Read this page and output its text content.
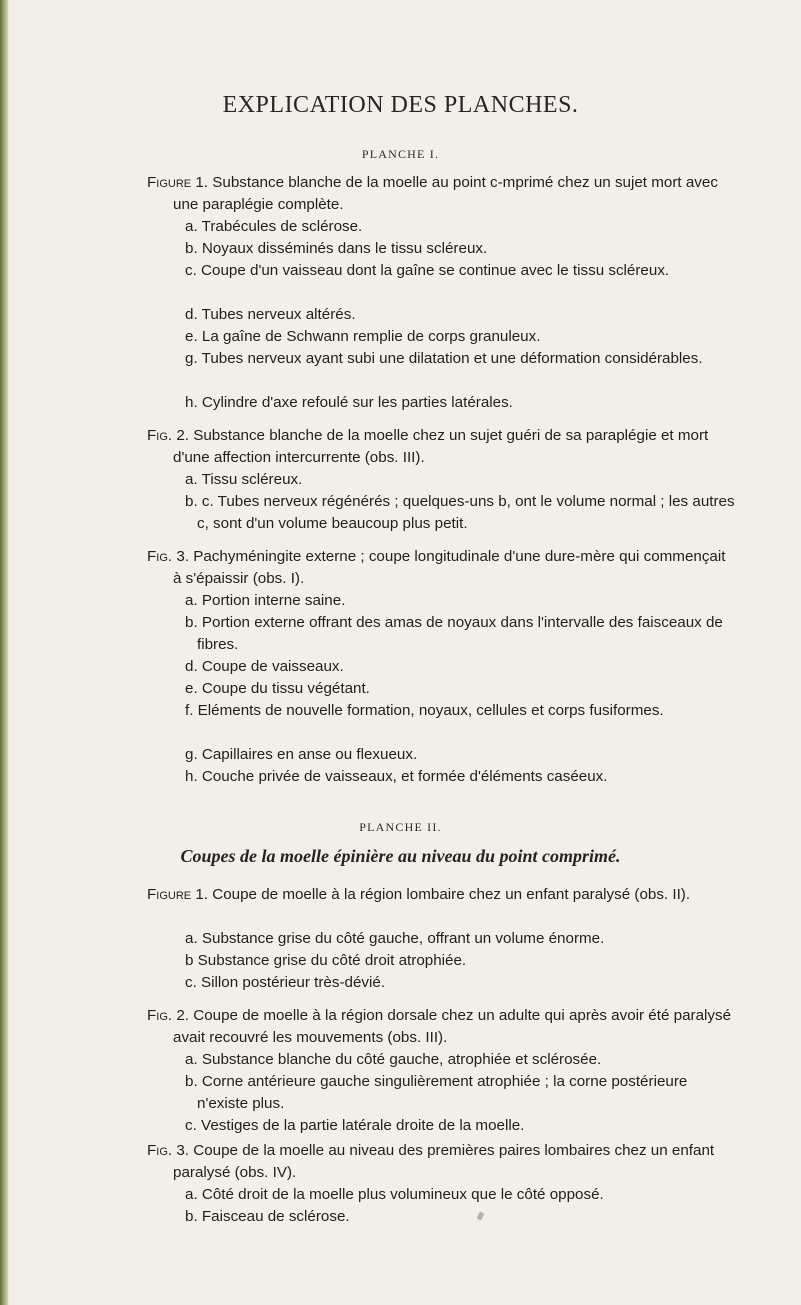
EXPLICATION DES PLANCHES.
PLANCHE I.
Figure 1. Substance blanche de la moelle au point c-mprimé chez un sujet mort avec une paraplégie complète.
a. Trabécules de sclérose.
b. Noyaux disséminés dans le tissu scléreux.
c. Coupe d'un vaisseau dont la gaîne se continue avec le tissu scléreux.
d. Tubes nerveux altérés.
e. La gaîne de Schwann remplie de corps granuleux.
g. Tubes nerveux ayant subi une dilatation et une déformation considérables.
h. Cylindre d'axe refoulé sur les parties latérales.
Fig. 2. Substance blanche de la moelle chez un sujet guéri de sa paraplégie et mort d'une affection intercurrente (obs. III).
a. Tissu scléreux.
b. c. Tubes nerveux régénérés ; quelques-uns b, ont le volume normal ; les autres c, sont d'un volume beaucoup plus petit.
Fig. 3. Pachyméningite externe ; coupe longitudinale d'une dure-mère qui commençait à s'épaissir (obs. I).
a. Portion interne saine.
b. Portion externe offrant des amas de noyaux dans l'intervalle des faisceaux de fibres.
d. Coupe de vaisseaux.
e. Coupe du tissu végétant.
f. Eléments de nouvelle formation, noyaux, cellules et corps fusiformes.
g. Capillaires en anse ou flexueux.
h. Couche privée de vaisseaux, et formée d'éléments caséeux.
PLANCHE II.
Coupes de la moelle épinière au niveau du point comprimé.
Figure 1. Coupe de moelle à la région lombaire chez un enfant paralysé (obs. II).
a. Substance grise du côté gauche, offrant un volume énorme.
b Substance grise du côté droit atrophiée.
c. Sillon postérieur très-dévié.
Fig. 2. Coupe de moelle à la région dorsale chez un adulte qui après avoir été paralysé avait recouvré les mouvements (obs. III).
a. Substance blanche du côté gauche, atrophiée et sclérosée.
b. Corne antérieure gauche singulièrement atrophiée ; la corne postérieure n'existe plus.
c. Vestiges de la partie latérale droite de la moelle.
Fig. 3. Coupe de la moelle au niveau des premières paires lombaires chez un enfant paralysé (obs. IV).
a. Côté droit de la moelle plus volumineux que le côté opposé.
b. Faisceau de sclérose.
